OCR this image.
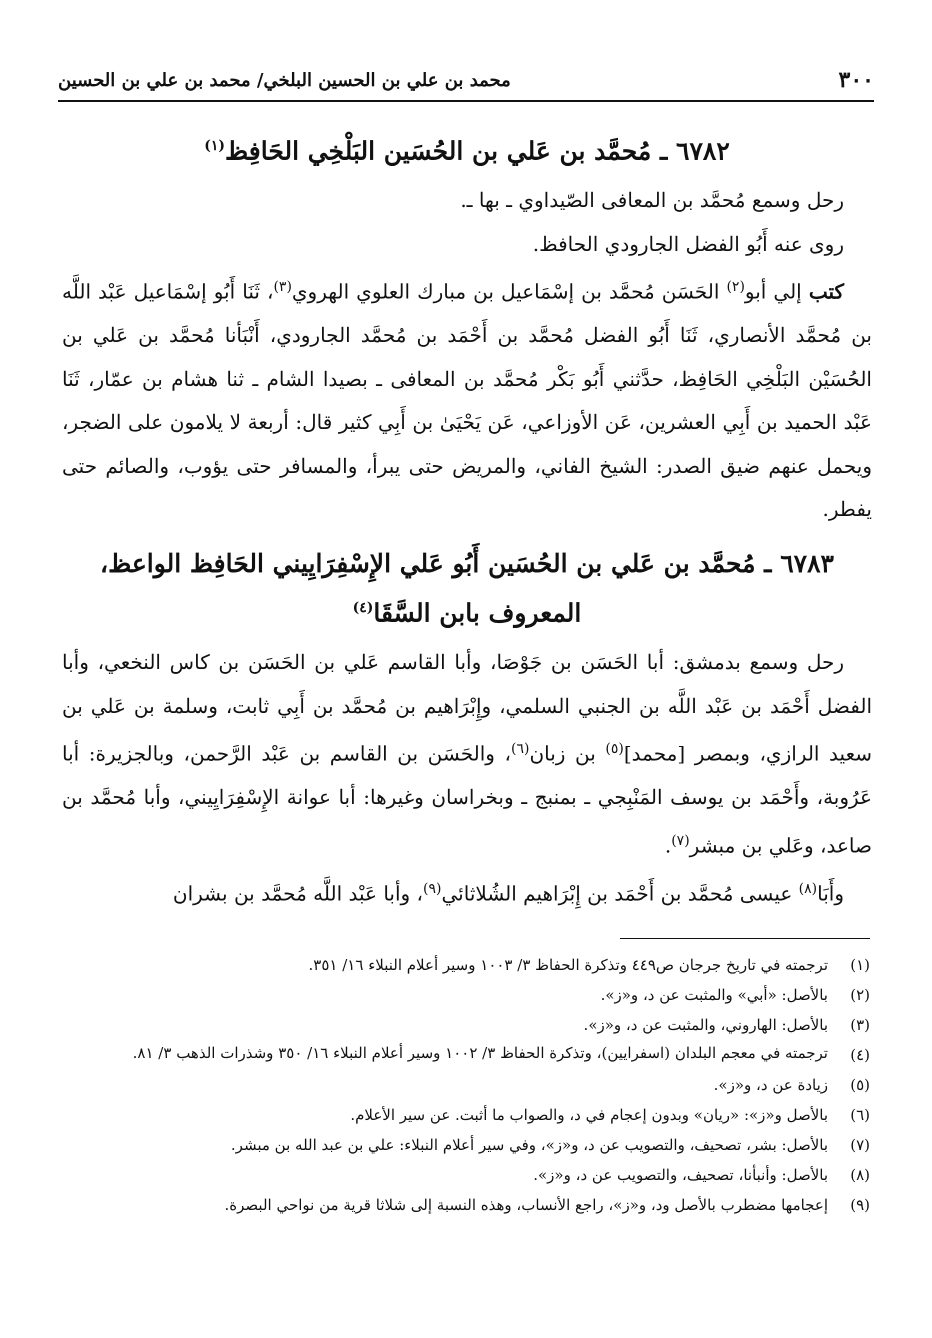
٣٠٠
محمد بن علي بن الحسين البلخي/ محمد بن علي بن الحسين
٦٧٨٢ ـ مُحمَّد بن عَلي بن الحُسَين البَلْخِي الحَافِظ$^{(١)}$

رحل وسمع مُحمَّد بن المعافى الصّيداوي ـ بها ـ.

روى عنه أَبُو الفضل الجارودي الحافظ.

كتب إلي أبو$^{(٢)}$ الحَسَن مُحمَّد بن إسْمَاعيل بن مبارك العلوي الهروي$^{(٣)}$، ثَنَا أَبُو إسْمَاعيل عَبْد اللَّه بن مُحمَّد الأنصاري، ثَنَا أَبُو الفضل مُحمَّد بن أَحْمَد بن مُحمَّد الجارودي، أَنْبَأنا مُحمَّد بن عَلي بن الحُسَيْن البَلْخِي الحَافِظ، حدَّثني أَبُو بَكْر مُحمَّد بن المعافى ـ بصيدا الشام ـ ثنا هشام بن عمّار، ثَنَا عَبْد الحميد بن أَبِي العشرين، عَن الأوزاعي، عَن يَحْيَىٰ بن أَبِي كثير قال: أربعة لا يلامون على الضجر، ويحمل عنهم ضيق الصدر: الشيخ الفاني، والمريض حتى يبرأ، والمسافر حتى يؤوب، والصائم حتى يفطر.

٦٧٨٣ ـ مُحمَّد بن عَلي بن الحُسَين أَبُو عَلي الإِسْفِرَايِيني الحَافِظ الواعظ،
المعروف بابن السَّقَا$^{(٤)}$

رحل وسمع بدمشق: أبا الحَسَن بن جَوْصَا، وأبا القاسم عَلي بن الحَسَن بن كاس النخعي، وأبا الفضل أَحْمَد بن عَبْد اللَّه بن الجنبي السلمي، وإِبْرَاهيم بن مُحمَّد بن أَبِي ثابت، وسلمة بن عَلي بن سعيد الرازي، وبمصر [محمد]$^{(٥)}$ بن زبان$^{(٦)}$، والحَسَن بن القاسم بن عَبْد الرَّحمن، وبالجزيرة: أبا عَرُوبة، وأَحْمَد بن يوسف المَنْبِجي ـ بمنبج ـ وبخراسان وغيرها: أبا عوانة الإِسْفِرَايِيني، وأبا مُحمَّد بن صاعد، وعَلي بن مبشر$^{(٧)}$.

وأَبَا$^{(٨)}$ عيسى مُحمَّد بن أَحْمَد بن إِبْرَاهيم الشُلاثائي$^{(٩)}$، وأبا عَبْد اللَّه مُحمَّد بن بشران

(١)
ترجمته في تاريخ جرجان ص٤٤٩ وتذكرة الحفاظ ٣/ ١٠٠٣ وسير أعلام النبلاء ١٦/ ٣٥١.
(٢)
بالأصل: «أبي» والمثبت عن د، و«ز».
(٣)
بالأصل: الهاروني، والمثبت عن د، و«ز».
(٤)
ترجمته في معجم البلدان (اسفرايين)، وتذكرة الحفاظ ٣/ ١٠٠٢ وسير أعلام النبلاء ١٦/ ٣٥٠ وشذرات الذهب ٣/ ٨١.
(٥)
زيادة عن د، و«ز».
(٦)
بالأصل و«ز»: «ريان» وبدون إعجام في د، والصواب ما أثبت. عن سير الأعلام.
(٧)
بالأصل: بشر، تصحيف، والتصويب عن د، و«ز»، وفي سير أعلام النبلاء: علي بن عبد الله بن مبشر.
(٨)
بالأصل: وأنبأنا، تصحيف، والتصويب عن د، و«ز».
(٩)
إعجامها مضطرب بالأصل ود، و«ز»، راجع الأنساب، وهذه النسبة إلى شلاثا قرية من نواحي البصرة.
